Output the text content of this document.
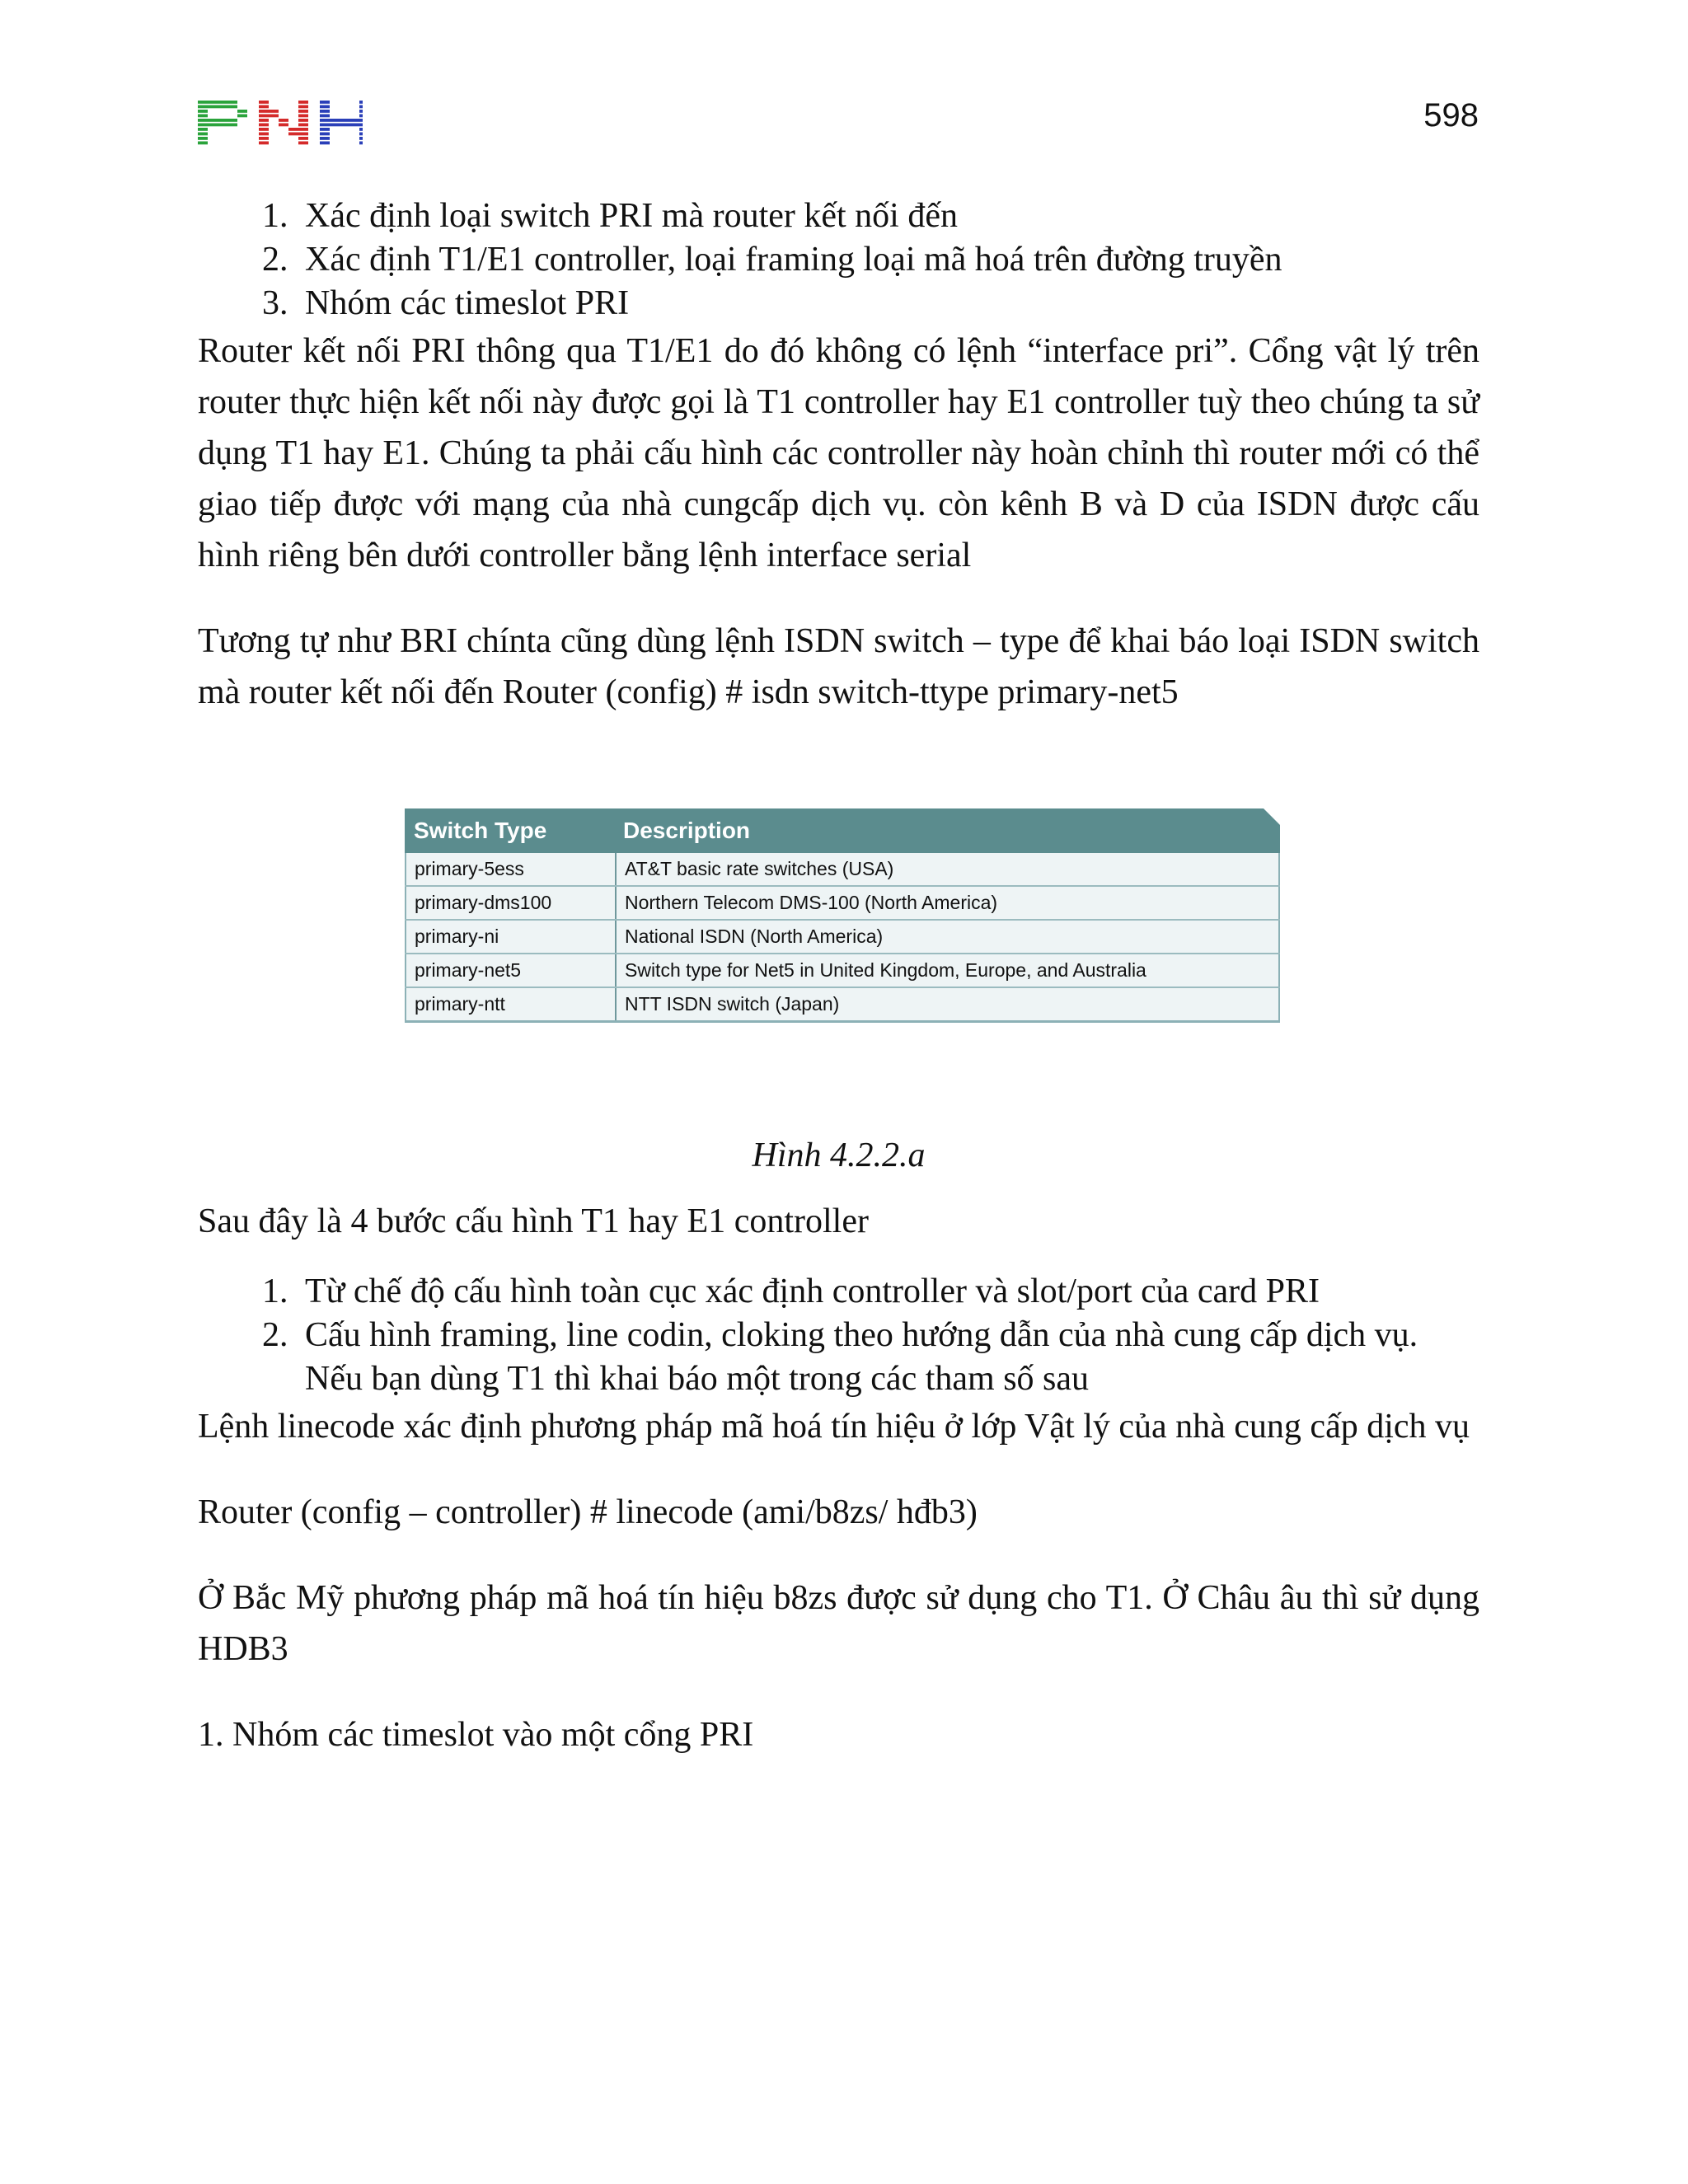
598
1. Xác định loại switch PRI mà router kết nối đến
2. Xác định T1/E1 controller, loại framing loại mã hoá trên đường truyền
3. Nhóm các timeslot PRI

Router kết nối PRI thông qua T1/E1 do đó không có lệnh “interface pri”. Cổng vật lý trên router thực hiện kết nối này được gọi là T1 controller hay E1 controller tuỳ theo chúng ta sử dụng T1 hay E1. Chúng ta phải cấu hình các controller này hoàn chỉnh thì router mới có thể giao tiếp được với mạng của nhà cungcấp dịch vụ. còn kênh B và D của ISDN được cấu hình riêng bên dưới controller bằng lệnh interface serial

Tương tự như BRI chínta cũng dùng lệnh ISDN switch – type để khai báo loại ISDN switch mà router kết nối đến Router (config) # isdn switch-ttype primary-net5

Switch Type	Description
primary-5ess	AT&T basic rate switches (USA)
primary-dms100	Northern Telecom DMS-100 (North America)
primary-ni	National ISDN (North America)
primary-net5	Switch type for Net5 in United Kingdom, Europe, and Australia
primary-ntt	NTT ISDN switch (Japan)
Hình 4.2.2.a

Sau đây là 4 bước cấu hình T1 hay E1 controller

1. Từ chế độ cấu hình toàn cục xác định controller và slot/port của card PRI
2. Cấu hình framing, line codin, cloking theo hướng dẫn của nhà cung cấp dịch vụ. Nếu bạn dùng T1 thì khai báo một trong các tham số sau

Lệnh linecode xác định phương pháp mã hoá tín hiệu ở lớp Vật lý của nhà cung cấp dịch vụ

Router (config – controller) # linecode (ami/b8zs/ hđb3)

Ở Bắc Mỹ phương pháp mã hoá tín hiệu b8zs được sử dụng cho T1. Ở Châu âu thì sử dụng HDB3

1. Nhóm các timeslot vào một cổng PRI
